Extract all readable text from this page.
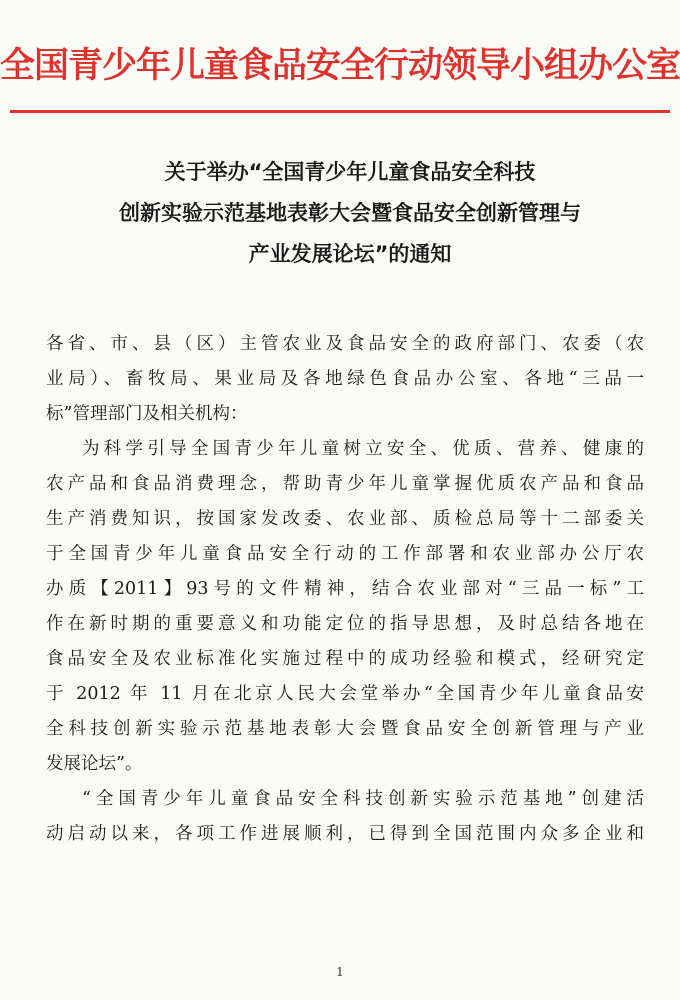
全国青少年儿童食品安全行动领导小组办公室
关于举办“全国青少年儿童食品安全科技
创新实验示范基地表彰大会暨食品安全创新管理与
产业发展论坛”的通知
各省、市、县（区）主管农业及食品安全的政府部门、农委（农
业局）、畜牧局、果业局及各地绿色食品办公室、各地“三品一
标”管理部门及相关机构：
为科学引导全国青少年儿童树立安全、优质、营养、健康的
农产品和食品消费理念，帮助青少年儿童掌握优质农产品和食品
生产消费知识，按国家发改委、农业部、质检总局等十二部委关
于全国青少年儿童食品安全行动的工作部署和农业部办公厅农
办质【2011】93号的文件精神，结合农业部对“三品一标”工
作在新时期的重要意义和功能定位的指导思想，及时总结各地在
食品安全及农业标准化实施过程中的成功经验和模式，经研究定
于 2012 年 11 月在北京人民大会堂举办“全国青少年儿童食品安
全科技创新实验示范基地表彰大会暨食品安全创新管理与产业
发展论坛”。
“全国青少年儿童食品安全科技创新实验示范基地”创建活
动启动以来，各项工作进展顺利，已得到全国范围内众多企业和
1
